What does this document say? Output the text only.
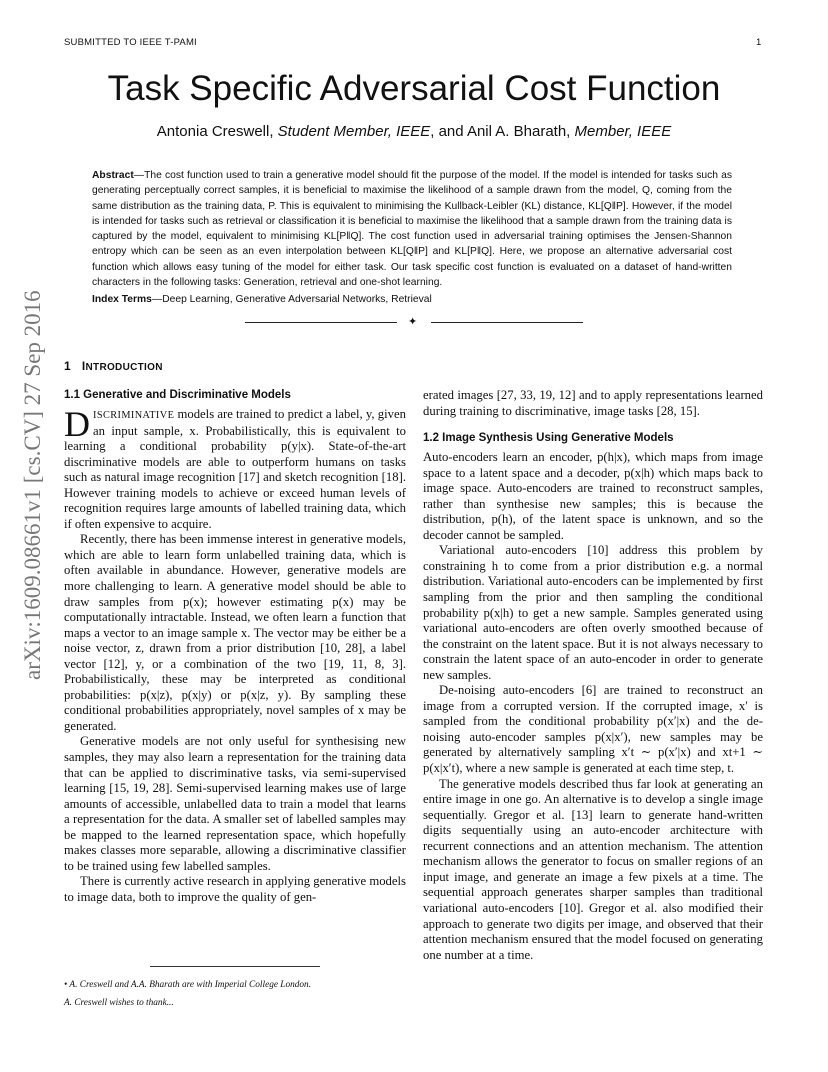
SUBMITTED TO IEEE T-PAMI	1
Task Specific Adversarial Cost Function
Antonia Creswell, Student Member, IEEE, and Anil A. Bharath, Member, IEEE
Abstract—The cost function used to train a generative model should fit the purpose of the model. If the model is intended for tasks such as generating perceptually correct samples, it is beneficial to maximise the likelihood of a sample drawn from the model, Q, coming from the same distribution as the training data, P. This is equivalent to minimising the Kullback-Leibler (KL) distance, KL[Q‖P]. However, if the model is intended for tasks such as retrieval or classification it is beneficial to maximise the likelihood that a sample drawn from the training data is captured by the model, equivalent to minimising KL[P‖Q]. The cost function used in adversarial training optimises the Jensen-Shannon entropy which can be seen as an even interpolation between KL[Q‖P] and KL[P‖Q]. Here, we propose an alternative adversarial cost function which allows easy tuning of the model for either task. Our task specific cost function is evaluated on a dataset of hand-written characters in the following tasks: Generation, retrieval and one-shot learning.
Index Terms—Deep Learning, Generative Adversarial Networks, Retrieval
✦
arXiv:1609.08661v1 [cs.CV] 27 Sep 2016 1 INTRODUCTION
1.1 Generative and Discriminative Models

DISCRIMINATIVE models are trained to predict a label, y, given an input sample, x. Probabilistically, this is equivalent to learning a conditional probability p(y|x). State-of-the-art discriminative models are able to outperform humans on tasks such as natural image recognition [17] and sketch recognition [18]. However training models to achieve or exceed human levels of recognition requires large amounts of labelled training data, which if often expensive to acquire.

Recently, there has been immense interest in generative models, which are able to learn form unlabelled training data, which is often available in abundance. However, generative models are more challenging to learn. A generative model should be able to draw samples from p(x); however estimating p(x) may be computationally intractable. Instead, we often learn a function that maps a vector to an image sample x. The vector may be either be a noise vector, z, drawn from a prior distribution [10, 28], a label vector [12], y, or a combination of the two [19, 11, 8, 3]. Probabilistically, these may be interpreted as conditional probabilities: p(x|z), p(x|y) or p(x|z, y). By sampling these conditional probabilities appropriately, novel samples of x may be generated.

Generative models are not only useful for synthesising new samples, they may also learn a representation for the training data that can be applied to discriminative tasks, via semi-supervised learning [15, 19, 28]. Semi-supervised learning makes use of large amounts of accessible, unlabelled data to train a model that learns a representation for the data. A smaller set of labelled samples may be mapped to the learned representation space, which hopefully makes classes more separable, allowing a discriminative classifier to be trained using few labelled samples.

There is currently active research in applying generative models to image data, both to improve the quality of gen-

erated images [27, 33, 19, 12] and to apply representations learned during training to discriminative, image tasks [28, 15].

1.2 Image Synthesis Using Generative Models

Auto-encoders learn an encoder, p(h|x), which maps from image space to a latent space and a decoder, p(x|h) which maps back to image space. Auto-encoders are trained to reconstruct samples, rather than synthesise new samples; this is because the distribution, p(h), of the latent space is unknown, and so the decoder cannot be sampled.

Variational auto-encoders [10] address this problem by constraining h to come from a prior distribution e.g. a normal distribution. Variational auto-encoders can be implemented by first sampling from the prior and then sampling the conditional probability p(x|h) to get a new sample. Samples generated using variational auto-encoders are often overly smoothed because of the constraint on the latent space. But it is not always necessary to constrain the latent space of an auto-encoder in order to generate new samples.

De-noising auto-encoders [6] are trained to reconstruct an image from a corrupted version. If the corrupted image, x′ is sampled from the conditional probability p(x′|x) and the de-noising auto-encoder samples p(x|x′), new samples may be generated by alternatively sampling x′t ∼ p(x′|x) and xt+1 ∼ p(x|x′t), where a new sample is generated at each time step, t.

The generative models described thus far look at generating an entire image in one go. An alternative is to develop a single image sequentially. Gregor et al. [13] learn to generate hand-written digits sequentially using an auto-encoder architecture with recurrent connections and an attention mechanism. The attention mechanism allows the generator to focus on smaller regions of an input image, and generate an image a few pixels at a time. The sequential approach generates sharper samples than traditional variational auto-encoders [10]. Gregor et al. also modified their approach to generate two digits per image, and observed that their attention mechanism ensured that the model focused on generating one number at a time.

• A. Creswell and A.A. Bharath are with Imperial College London.
A. Creswell wishes to thank...
